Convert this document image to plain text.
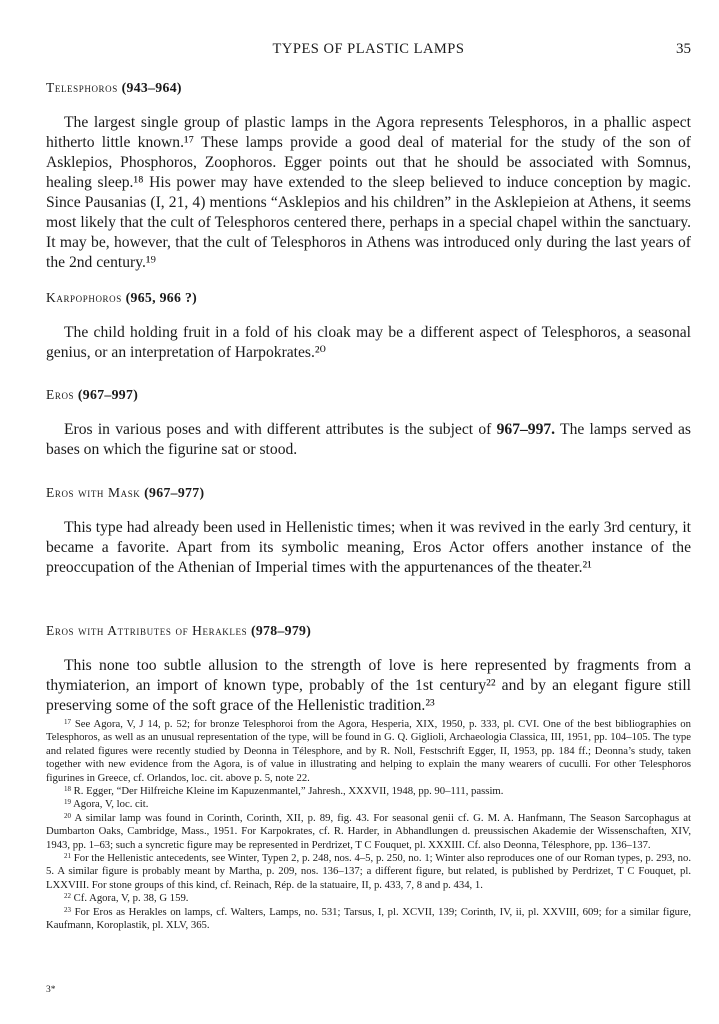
TYPES OF PLASTIC LAMPS	35
Telesphoros (943–964)
The largest single group of plastic lamps in the Agora represents Telesphoros, in a phallic aspect hitherto little known.¹⁷ These lamps provide a good deal of material for the study of the son of Asklepios, Phosphoros, Zoophoros. Egger points out that he should be associated with Somnus, healing sleep.¹⁸ His power may have extended to the sleep believed to induce conception by magic. Since Pausanias (I, 21, 4) mentions “Asklepios and his children” in the Asklepieion at Athens, it seems most likely that the cult of Telesphoros centered there, perhaps in a special chapel within the sanctuary. It may be, however, that the cult of Telesphoros in Athens was introduced only during the last years of the 2nd century.¹⁹
Karpophoros (965, 966 ?)
The child holding fruit in a fold of his cloak may be a different aspect of Telesphoros, a seasonal genius, or an interpretation of Harpokrates.²⁰
Eros (967–997)
Eros in various poses and with different attributes is the subject of 967–997. The lamps served as bases on which the figurine sat or stood.
Eros with Mask (967–977)
This type had already been used in Hellenistic times; when it was revived in the early 3rd century, it became a favorite. Apart from its symbolic meaning, Eros Actor offers another instance of the preoccupation of the Athenian of Imperial times with the appurtenances of the theater.²¹
Eros with Attributes of Herakles (978–979)
This none too subtle allusion to the strength of love is here represented by fragments from a thymiaterion, an import of known type, probably of the 1st century²² and by an elegant figure still preserving some of the soft grace of the Hellenistic tradition.²³

$^{17}$ See Agora, V, J 14, p. 52; for bronze Telesphoroi from the Agora, Hesperia, XIX, 1950, p. 333, pl. CVI. One of the best bibliographies on Telesphoros, as well as an unusual representation of the type, will be found in G. Q. Giglioli, Archaeologia Classica, III, 1951, pp. 104–105. The type and related figures were recently studied by Deonna in Télesphore, and by R. Noll, Festschrift Egger, II, 1953, pp. 184 ff.; Deonna’s study, taken together with new evidence from the Agora, is of value in illustrating and helping to explain the many wearers of cuculli. For other Telesphoros figurines in Greece, cf. Orlandos, loc. cit. above p. 5, note 22.

$^{18}$ R. Egger, “Der Hilfreiche Kleine im Kapuzenmantel,” Jahresh., XXXVII, 1948, pp. 90–111, passim.

$^{19}$ Agora, V, loc. cit.

$^{20}$ A similar lamp was found in Corinth, Corinth, XII, p. 89, fig. 43. For seasonal genii cf. G. M. A. Hanfmann, The Season Sarcophagus at Dumbarton Oaks, Cambridge, Mass., 1951. For Karpokrates, cf. R. Harder, in Abhandlungen d. preussischen Akademie der Wissenschaften, XIV, 1943, pp. 1–63; such a syncretic figure may be represented in Perdrizet, T C Fouquet, pl. XXXIII. Cf. also Deonna, Télesphore, pp. 136–137.

$^{21}$ For the Hellenistic antecedents, see Winter, Typen 2, p. 248, nos. 4–5, p. 250, no. 1; Winter also reproduces one of our Roman types, p. 293, no. 5. A similar figure is probably meant by Martha, p. 209, nos. 136–137; a different figure, but related, is published by Perdrizet, T C Fouquet, pl. LXXVIII. For stone groups of this kind, cf. Reinach, Rép. de la statuaire, II, p. 433, 7, 8 and p. 434, 1.

$^{22}$ Cf. Agora, V, p. 38, G 159.

$^{23}$ For Eros as Herakles on lamps, cf. Walters, Lamps, no. 531; Tarsus, I, pl. XCVII, 139; Corinth, IV, ii, pl. XXVIII, 609; for a similar figure, Kaufmann, Koroplastik, pl. XLV, 365.

3*
